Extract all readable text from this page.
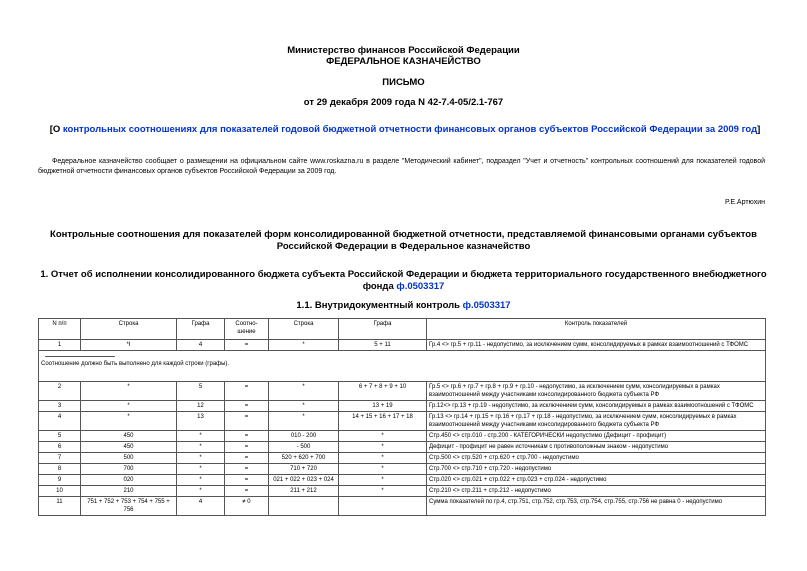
Министерство финансов Российской Федерации
ФЕДЕРАЛЬНОЕ КАЗНАЧЕЙСТВО
ПИСЬМО
от 29 декабря 2009 года N 42-7.4-05/2.1-767
[О контрольных соотношениях для показателей годовой бюджетной отчетности финансовых органов субъектов Российской Федерации за 2009 год]
Федеральное казначейство сообщает о размещении на официальном сайте www.roskazna.ru в разделе "Методический кабинет", подраздел "Учет и отчетность" контрольных соотношений для показателей годовой бюджетной отчетности финансовых органов субъектов Российской Федерации за 2009 год.
Р.Е.Артюхин
Контрольные соотношения для показателей форм консолидированной бюджетной отчетности, представляемой финансовыми органами субъектов Российской Федерации в Федеральное казначейство
1. Отчет об исполнении консолидированного бюджета субъекта Российской Федерации и бюджета территориального государственного внебюджетного фонда ф.0503317
1.1. Внутридокументный контроль ф.0503317
N п/п	Строка	Графа	Соотно-шение	Строка	Графа	Контроль показателей
1	*I	4	=	*	5 + 11	Гр.4 <> гр.5 + гр.11 - недопустимо, за исключением сумм, консолидируемых в рамках взаимоотношений с ТФОМС

Соотношение должно быть выполнено для каждой строки (графы).						
2	*	5	=	*	6 + 7 + 8 + 9 + 10	Гр.5 <> гр.6 + гр.7 + гр.8 + гр.9 + гр.10 - недопустимо, за исключением сумм, консолидируемых в рамках взаимоотношений между участниками консолидированного бюджета субъекта РФ
3	*	12	=	*	13 + 19	Гр.12<> гр.13 + гр.19 - недопустимо, за исключением сумм, консолидируемых в рамках взаимоотношений с ТФОМС
4	*	13	=	*	14 + 15 + 16 + 17 + 18	Гр.13 <> гр.14 + гр.15 + гр.16 + гр.17 + гр.18 - недопустимо, за исключением сумм, консолидируемых в рамках взаимоотношений между участниками консолидированного бюджета субъекта РФ
5	450	*	=	010 - 200	*	Стр.450 <> стр.010 - стр.200 - КАТЕГОРИЧЕСКИ недопустимо (Дефицит - профицит)
6	450	*	=	- 500	*	Дефицит - профицит не равен источникам с противоположным знаком - недопустимо
7	500	*	=	520 + 620 + 700	*	Стр.500 <> стр.520 + стр.620 + стр.700 - недопустимо
8	700	*	=	710 + 720	*	Стр.700 <> стр.710 + стр.720 - недопустимо
9	020	*	=	021 + 022 + 023 + 024	*	Стр.020 <> стр.021 + стр.022 + стр.023 + стр.024 - недопустимо
10	210	*	=	211 + 212	*	Стр.210 <> стр.211 + стр.212 - недопустимо
11	751 + 752 + 753 + 754 + 755 + 756	4	≠ 0			Сумма показателей по гр.4, стр.751, стр.752, стр.753, стр.754, стр.755, стр.756 не равна 0 - недопустимо
